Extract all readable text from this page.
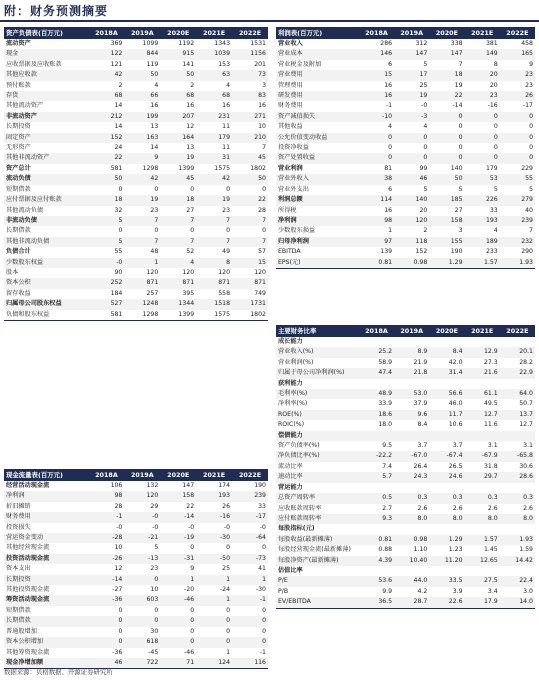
附：财务预测摘要
资产负债表(百万元)	2018A	2019A	2020E	2021E	2022E
流动资产	369	1099	1192	1343	1531
现金	122	844	915	1039	1156
应收票据及应收账款	121	119	141	153	201
其他应收款	42	50	50	63	73
预付账款	2	4	2	4	3
存货	68	66	68	68	83
其他流动资产	14	16	16	16	16
非流动资产	212	199	207	231	271
长期投资	14	13	12	11	10
固定资产	152	163	164	179	210
无形资产	24	14	13	11	7
其他非流动资产	22	9	19	31	45
资产总计	581	1298	1399	1575	1802
流动负债	50	42	45	42	50
短期借款	0	0	0	0	0
应付票据及应付账款	18	19	18	19	22
其他流动负债	32	23	27	23	28
非流动负债	5	7	7	7	7
长期借款	0	0	0	0	0
其他非流动负债	5	7	7	7	7
负债合计	55	48	52	49	57
少数股东权益	-0	1	4	8	15
股本	90	120	120	120	120
资本公积	252	871	871	871	871
留存收益	184	257	395	558	749
归属母公司股东权益	527	1248	1344	1518	1731
负债和股东权益	581	1298	1399	1575	1802
利润表(百万元)	2018A	2019A	2020E	2021E	2022E
营业收入	286	312	338	381	458
营业成本	146	147	147	149	165
营业税金及附加	6	5	7	8	9
营业费用	15	17	18	20	23
管理费用	16	25	19	20	23
研发费用	16	19	22	23	26
财务费用	-1	-0	-14	-16	-17
资产减值损失	-10	-3	0	0	0
其他收益	4	4	0	0	0
公允价值变动收益	0	0	0	0	0
投资净收益	0	0	0	0	0
资产处置收益	0	0	0	0	0
营业利润	81	99	140	179	229
营业外收入	38	46	50	53	55
营业外支出	6	5	5	5	5
利润总额	114	140	185	226	279
所得税	16	20	27	33	40
净利润	98	120	158	193	239
少数股东损益	1	2	3	4	7
归母净利润	97	118	155	189	232
EBITDA	139	152	190	233	290
EPS(元)	0.81	0.98	1.29	1.57	1.93
主要财务比率	2018A	2019A	2020E	2021E	2022E
成长能力					
营业收入(%)	25.2	8.9	8.4	12.9	20.1
营业利润(%)	58.9	21.9	42.0	27.3	28.2
归属于母公司净利润(%)	47.4	21.8	31.4	21.6	22.9
获利能力					
毛利率(%)	48.9	53.0	56.6	61.1	64.0
净利率(%)	33.9	37.9	46.0	49.5	50.7
ROE(%)	18.6	9.6	11.7	12.7	13.7
ROIC(%)	18.0	8.4	10.6	11.6	12.7
偿债能力					
资产负债率(%)	9.5	3.7	3.7	3.1	3.1
净负债比率(%)	-22.2	-67.0	-67.4	-67.9	-65.8
流动比率	7.4	26.4	26.5	31.8	30.6
速动比率	5.7	24.3	24.6	29.7	28.6
营运能力					
总资产周转率	0.5	0.3	0.3	0.3	0.3
应收账款周转率	2.7	2.6	2.6	2.6	2.6
应付账款周转率	9.3	8.0	8.0	8.0	8.0
每股指标(元)					
每股收益(最新摊薄)	0.81	0.98	1.29	1.57	1.93
每股经营现金流(最新摊薄)	0.88	1.10	1.23	1.45	1.59
每股净资产(最新摊薄)	4.39	10.40	11.20	12.65	14.42
估值比率					
P/E	53.6	44.0	33.5	27.5	22.4
P/B	9.9	4.2	3.9	3.4	3.0
EV/EBITDA	36.5	28.7	22.6	17.9	14.0
现金流量表(百万元)	2018A	2019A	2020E	2021E	2022E
经营活动现金流	106	132	147	174	190
净利润	98	120	158	193	239
折旧摊销	28	29	22	26	33
财务费用	-1	-0	-14	-16	-17
投资损失	-0	-0	-0	-0	-0
营运资金变动	-28	-21	-19	-30	-64
其他经营现金流	10	5	0	0	0
投资活动现金流	-26	-13	-31	-50	-73
资本支出	12	23	9	25	41
长期投资	-14	0	1	1	1
其他投资现金流	-27	10	-20	-24	-30
筹资活动现金流	-36	603	-46	1	-1
短期借款	0	0	0	0	0
长期借款	0	0	0	0	0
普通股增加	0	30	0	0	0
资本公积增加	0	618	0	0	0
其他筹资现金流	-36	-45	-46	1	-1
现金净增加额	46	722	71	124	116
数据来源：贝格数据、开源证券研究所
